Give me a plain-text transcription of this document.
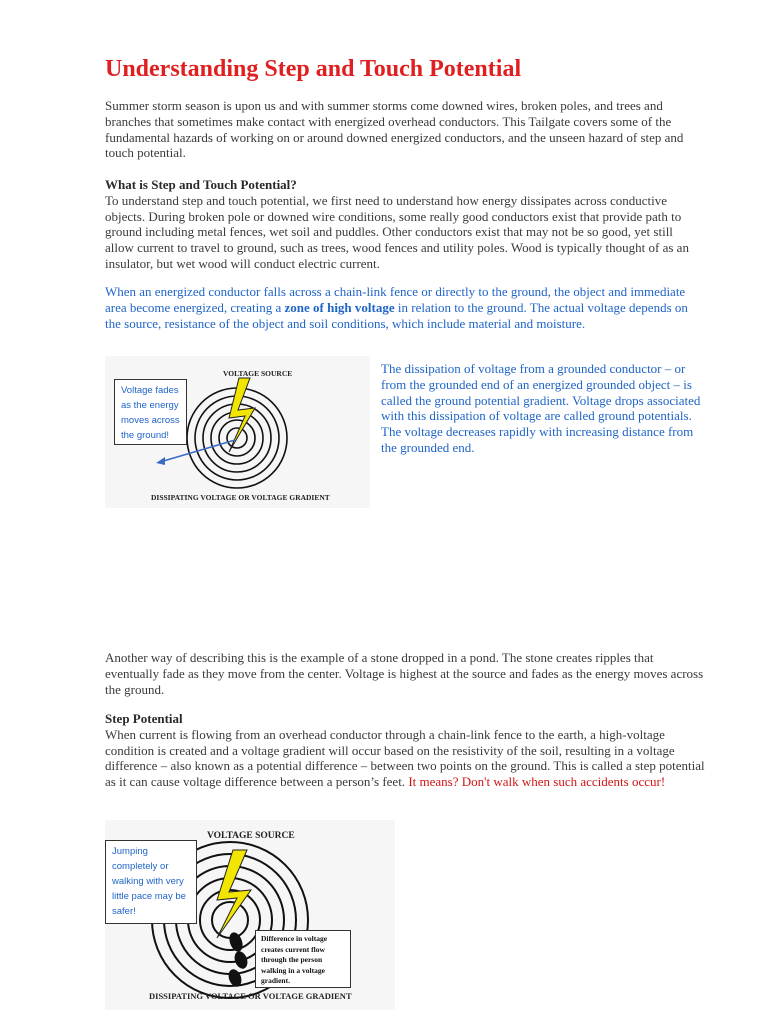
Understanding Step and Touch Potential

Summer storm season is upon us and with summer storms come downed wires, broken poles, and trees and branches that sometimes make contact with energized overhead conductors. This Tailgate covers some of the fundamental hazards of working on or around downed energized conductors, and the unseen hazard of step and touch potential.

What is Step and Touch Potential?
To understand step and touch potential, we first need to understand how energy dissipates across conductive objects. During broken pole or downed wire conditions, some really good conductors exist that provide path to ground including metal fences, wet soil and puddles. Other conductors exist that may not be so good, yet still allow current to travel to ground, such as trees, wood fences and utility poles. Wood is typically thought of as an insulator, but wet wood will conduct electric current.

When an energized conductor falls across a chain-link fence or directly to the ground, the object and immediate area become energized, creating a zone of high voltage in relation to the ground. The actual voltage depends on the source, resistance of the object and soil conditions, which include material and moisture.

VOLTAGE SOURCE
DISSIPATING VOLTAGE OR VOLTAGE GRADIENT
Voltage fades as the energy moves across the ground!

The dissipation of voltage from a grounded conductor – or from the grounded end of an energized grounded object – is called the ground potential gradient. Voltage drops associated with this dissipation of voltage are called ground potentials. The voltage decreases rapidly with increasing distance from the grounded end.

Another way of describing this is the example of a stone dropped in a pond. The stone creates ripples that eventually fade as they move from the center. Voltage is highest at the source and fades as the energy moves across the ground.

Step Potential
When current is flowing from an overhead conductor through a chain-link fence to the earth, a high-voltage condition is created and a voltage gradient will occur based on the resistivity of the soil, resulting in a voltage difference – also known as a potential difference – between two points on the ground. This is called a step potential as it can cause voltage difference between a person’s feet. It means? Don't walk when such accidents occur!

VOLTAGE SOURCE
DISSIPATING VOLTAGE OR VOLTAGE GRADIENT
Jumping completely or walking with very little pace may be safer!
Difference in voltage creates current flow through the person walking in a voltage gradient.
